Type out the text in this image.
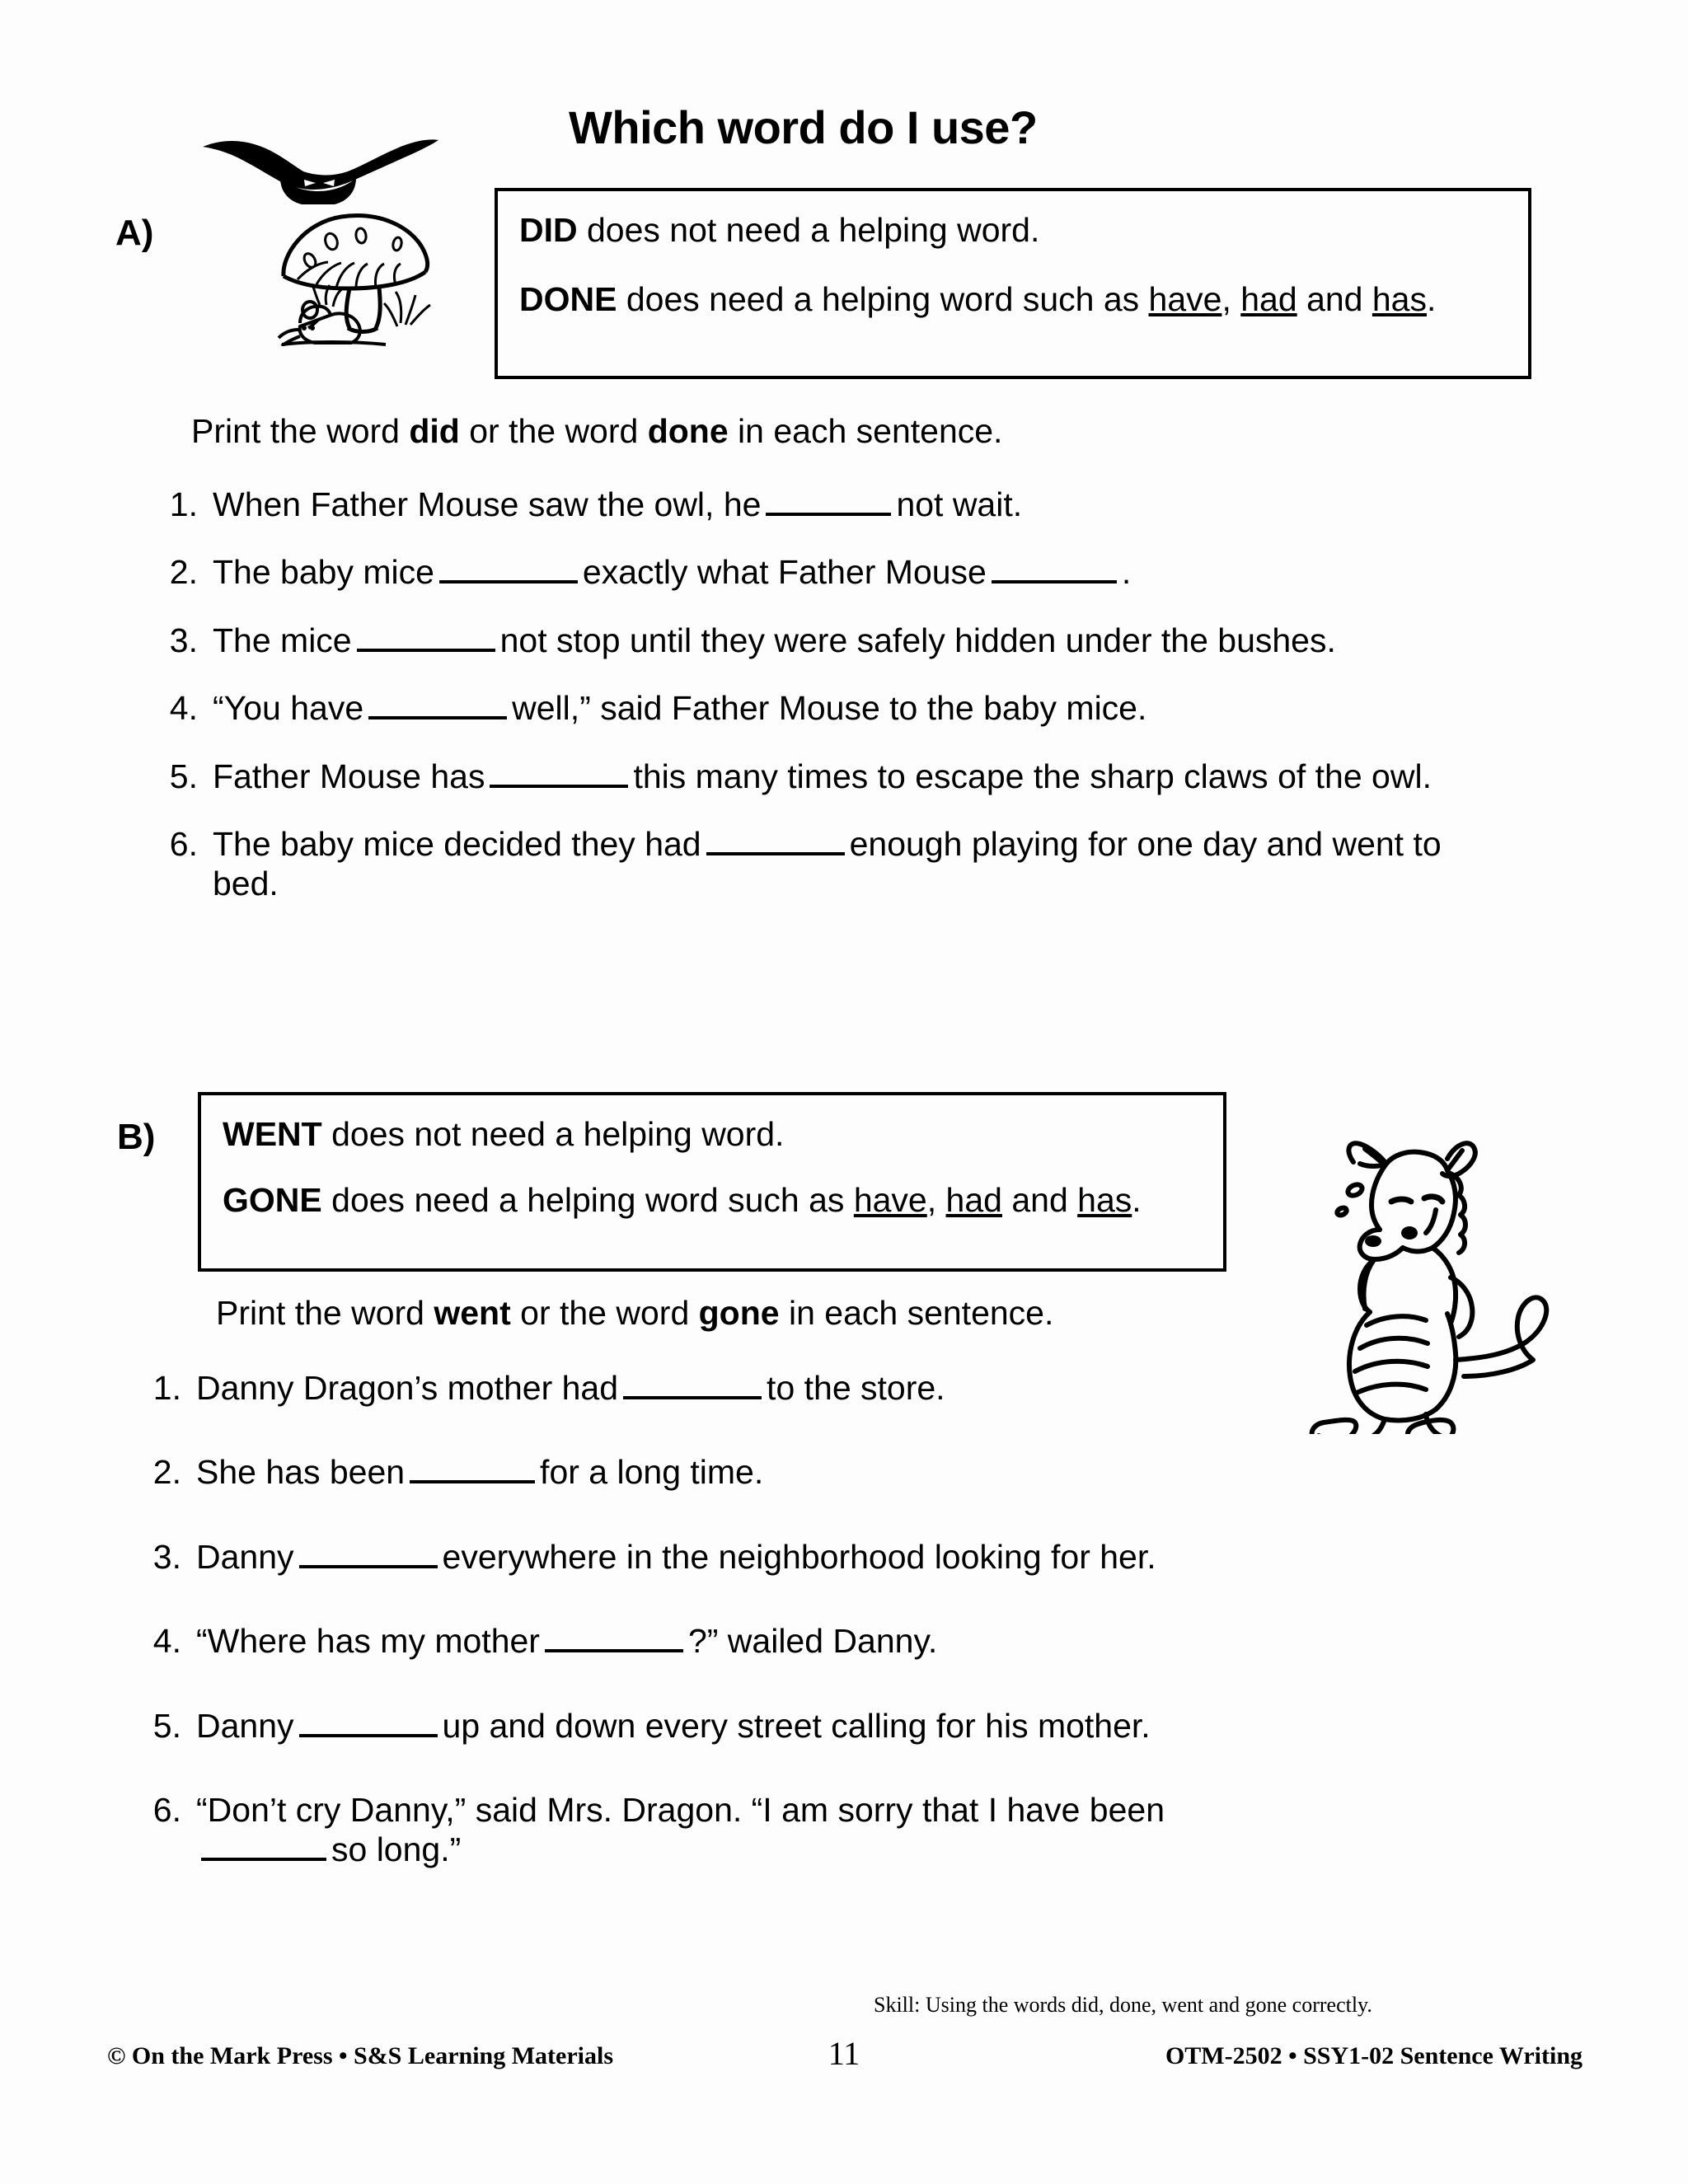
Which word do I use?
A)	DID does not need a helping word.
DONE does need a helping word such as have, had and has.
Print the word did or the word done in each sentence.
1. When Father Mouse saw the owl, he	not wait.
2. The baby mice	exactly what Father Mouse	.
3. The mice	not stop until they were safely hidden under the bushes.
4. “You have	well,” said Father Mouse to the baby mice.
5. Father Mouse has	this many times to escape the sharp claws of the owl.
6. The baby mice decided they had	enough playing for one day and went to bed.
B) WENT does not need a helping word.
GONE does need a helping word such as have, had and has.
Print the word went or the word gone in each sentence.
1. Danny Dragon’s mother had	to the store.
2. She has been	for a long time.
3. Danny	everywhere in the neighborhood looking for her.
4. “Where has my mother	?” wailed Danny.
5. Danny	up and down every street calling for his mother.
6. “Don’t cry Danny,” said Mrs. Dragon. “I am sorry that I have been
so long.”
Skill: Using the words did, done, went and gone correctly.
© On the Mark Press • S&S Learning Materials	OTM-2502 • SSY1-02 Sentence Writing
11
